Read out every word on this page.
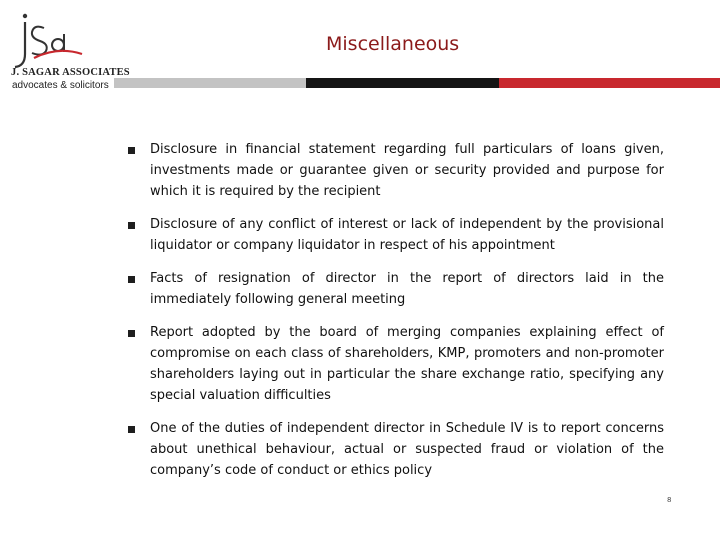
J. SAGAR ASSOCIATES
advocates & solicitors
Miscellaneous
Disclosure in financial statement regarding full particulars of loans given, investments made or guarantee given or security provided and purpose for which it is required by the recipient
Disclosure of any conflict of interest or lack of independent by the provisional liquidator or company liquidator in respect of his appointment
Facts of resignation of director in the report of directors laid in the immediately following general meeting
Report adopted by the board of merging companies explaining effect of compromise on each class of shareholders, KMP, promoters and non-promoter shareholders laying out in particular the share exchange ratio, specifying any special valuation difficulties
One of the duties of independent director in Schedule IV is to report concerns about unethical behaviour, actual or suspected fraud or violation of the company’s code of conduct or ethics policy
8
